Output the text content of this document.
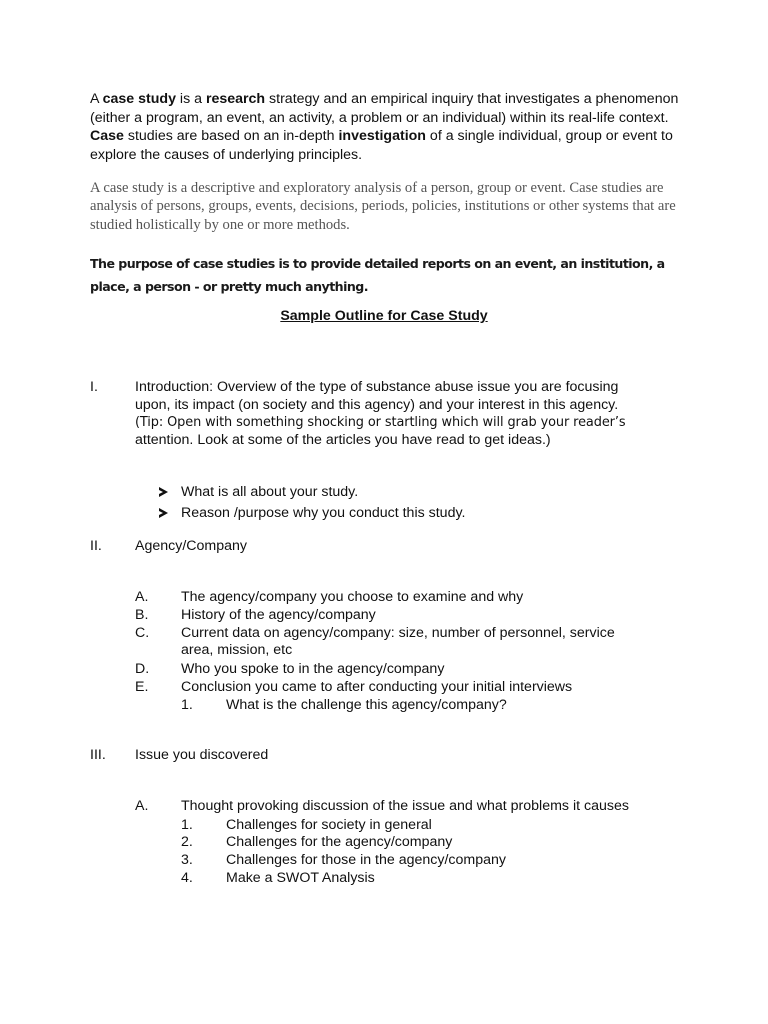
A case study is a research strategy and an empirical inquiry that investigates a phenomenon (either a program, an event, an activity, a problem or an individual) within its real-life context. Case studies are based on an in-depth investigation of a single individual, group or event to explore the causes of underlying principles.
A case study is a descriptive and exploratory analysis of a person, group or event. Case studies are analysis of persons, groups, events, decisions, periods, policies, institutions or other systems that are studied holistically by one or more methods.
The purpose of case studies is to provide detailed reports on an event, an institution, a place, a person - or pretty much anything.
Sample Outline for Case Study
I.	Introduction: Overview of the type of substance abuse issue you are focusing
upon, its impact (on society and this agency) and your interest in this agency.
(Tip: Open with something shocking or startling which will grab your reader’s
attention. Look at some of the articles you have read to get ideas.)
What is all about your study.
Reason /purpose why you conduct this study.
II. Agency/Company
A. The agency/company you choose to examine and why
B. History of the agency/company
C. Current data on agency/company: size, number of personnel, service
area, mission, etc
D. Who you spoke to in the agency/company
E. Conclusion you came to after conducting your initial interviews
1. What is the challenge this agency/company?
III. Issue you discovered
A. Thought provoking discussion of the issue and what problems it causes
1. Challenges for society in general
2. Challenges for the agency/company
3. Challenges for those in the agency/company
4. Make a SWOT Analysis
